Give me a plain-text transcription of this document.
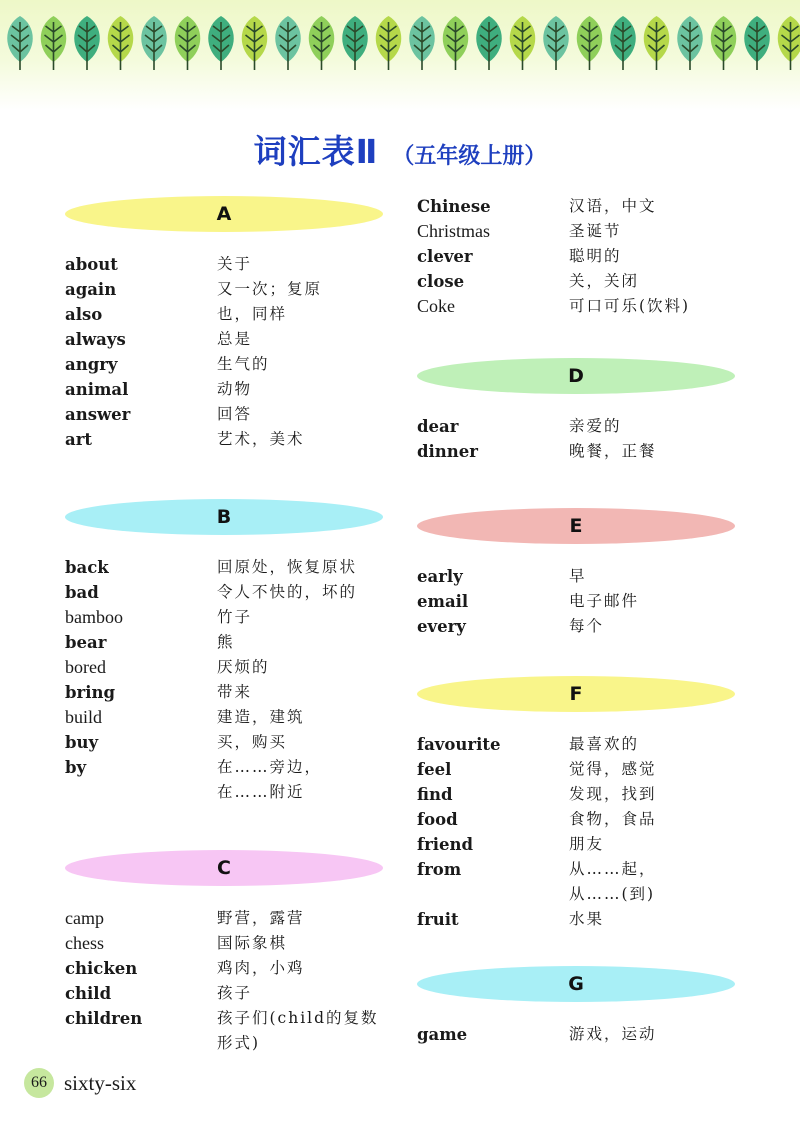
词汇表Ⅱ （五年级上册）
A
about	关于
again	又一次；复原
also	也，同样
always	总是
angry	生气的
animal	动物
answer	回答
art	艺术，美术
B
back	回原处，恢复原状
bad	令人不快的，坏的
bamboo	竹子
bear	熊
bored	厌烦的
bring	带来
build	建造，建筑
buy	买，购买
by	在……旁边，
在……附近
C
camp	野营，露营
chess	国际象棋
chicken	鸡肉，小鸡
child	孩子
children	孩子们(child的复数
形式)
Chinese	汉语，中文
Christmas	圣诞节
clever	聪明的
close	关，关闭
Coke	可口可乐(饮料)
D
dear	亲爱的
dinner	晚餐，正餐
E
early	早
email	电子邮件
every	每个
F
favourite	最喜欢的
feel	觉得，感觉
find	发现，找到
food	食物，食品
friend	朋友
from	从……起，
从……(到)
fruit	水果
G
game	游戏，运动
66 sixty-six
